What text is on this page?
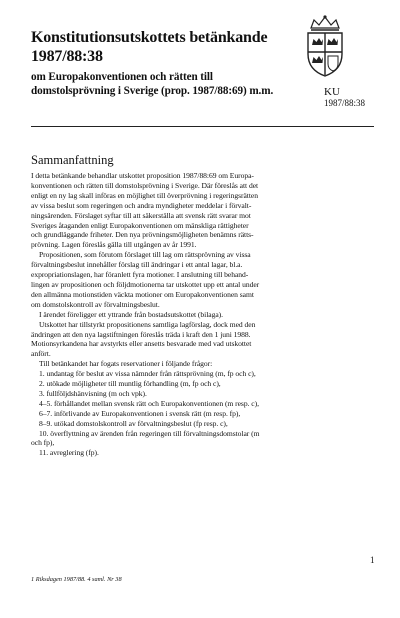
Konstitutionsutskottets betänkande
1987/88:38
om Europakonventionen och rätten till
domstolsprövning i Sverige (prop. 1987/88:69) m.m.	KU
1987/88:38
Sammanfattning

I detta betänkande behandlar utskottet proposition 1987/88:69 om Europa-

konventionen och rätten till domstolsprövning i Sverige. Där föreslås att det

enligt en ny lag skall införas en möjlighet till överprövning i regeringsrätten

av vissa beslut som regeringen och andra myndigheter meddelar i förvalt-

ningsärenden. Förslaget syftar till att säkerställa att svensk rätt svarar mot

Sveriges åtaganden enligt Europakonventionen om mänskliga rättigheter

och grundläggande friheter. Den nya prövningsmöjligheten benämns rätts-

prövning. Lagen föreslås gälla till utgången av år 1991.

Propositionen, som förutom förslaget till lag om rättsprövning av vissa

förvaltningsbeslut innehåller förslag till ändringar i ett antal lagar, bl.a.

expropriationslagen, har föranlett fyra motioner. I anslutning till behand-

lingen av propositionen och följdmotionerna tar utskottet upp ett antal under

den allmänna motionstiden väckta motioner om Europakonventionen samt

om domstolskontroll av förvaltningsbeslut.

I ärendet föreligger ett yttrande från bostadsutskottet (bilaga).

Utskottet har tillstyrkt propositionens samtliga lagförslag, dock med den

ändringen att den nya lagstiftningen föreslås träda i kraft den 1 juni 1988.

Motionsyrkandena har avstyrkts eller ansetts besvarade med vad utskottet

anfört.

Till betänkandet har fogats reservationer i följande frågor:

1. undantag för beslut av vissa nämnder från rättsprövning (m, fp och c),

2. utökade möjligheter till muntlig förhandling (m, fp och c),

3. fullföljdshänvisning (m och vpk).

4–5. förhållandet mellan svensk rätt och Europakonventionen (m resp. c),

6–7. införlivande av Europakonventionen i svensk rätt (m resp. fp),

8–9. utökad domstolskontroll av förvaltningsbeslut (fp resp. c),

10. överflyttning av ärenden från regeringen till förvaltningsdomstolar (m

och fp),

11. avreglering (fp).

1
1 Riksdagen 1987/88. 4 saml. Nr 38
